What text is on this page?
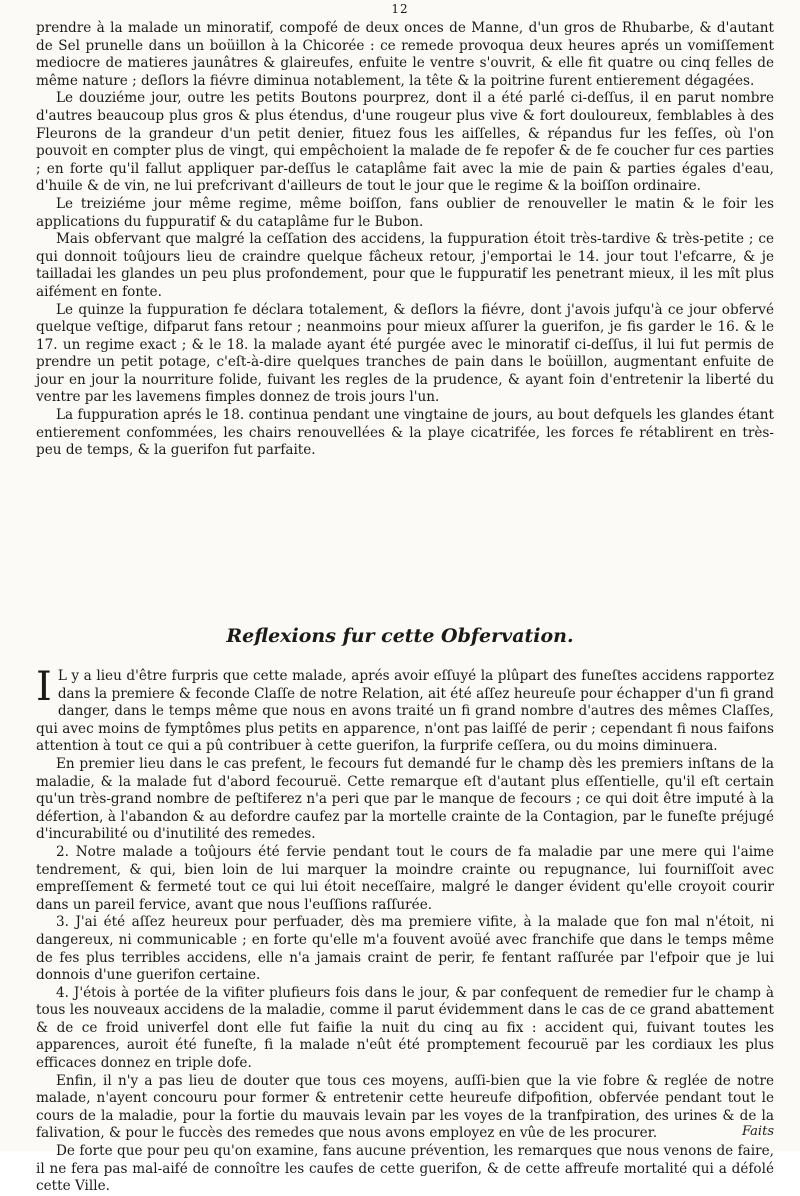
12

prendre à la malade un minoratif, compofé de deux onces de Manne, d'un gros de Rhubarbe, & d'autant de Sel prunelle dans un boüillon à la Chicorée : ce remede provoqua deux heures aprés un vomiſſement mediocre de matieres jaunâtres & glaireufes, enfuite le ventre s'ouvrit, & elle fit quatre ou cinq felles de même nature ; deſlors la fiévre diminua notablement, la tête & la poitrine furent entierement dégagées.

Le douziéme jour, outre les petits Boutons pourprez, dont il a été parlé ci-deſſus, il en parut nombre d'autres beaucoup plus gros & plus étendus, d'une rougeur plus vive & fort douloureux, femblables à des Fleurons de la grandeur d'un petit denier, fituez fous les aiſſelles, & répandus fur les feſſes, où l'on pouvoit en compter plus de vingt, qui empêchoient la malade de fe repofer & de fe coucher fur ces parties ; en forte qu'il fallut appliquer par-deſſus le cataplâme fait avec la mie de pain & parties égales d'eau, d'huile & de vin, ne lui prefcrivant d'ailleurs de tout le jour que le regime & la boiſſon ordinaire.

Le treiziéme jour même regime, même boiſſon, fans oublier de renouveller le matin & le foir les applications du fuppuratif & du cataplâme fur le Bubon.

Mais obfervant que malgré la ceſſation des accidens, la fuppuration étoit très-tardive & très-petite ; ce qui donnoit toûjours lieu de craindre quelque fâcheux retour, j'emportai le 14. jour tout l'efcarre, & je tailladai les glandes un peu plus profondement, pour que le fuppuratif les penetrant mieux, il les mît plus aifément en fonte.

Le quinze la fuppuration fe déclara totalement, & deſlors la fiévre, dont j'avois jufqu'à ce jour obfervé quelque veſtige, difparut fans retour ; neanmoins pour mieux aſſurer la guerifon, je fis garder le 16. & le 17. un regime exact ; & le 18. la malade ayant été purgée avec le minoratif ci-deſſus, il lui fut permis de prendre un petit potage, c'eſt-à-dire quelques tranches de pain dans le boüillon, augmentant enfuite de jour en jour la nourriture folide, fuivant les regles de la prudence, & ayant foin d'entretenir la liberté du ventre par les lavemens fimples donnez de trois jours l'un.

La fuppuration aprés le 18. continua pendant une vingtaine de jours, au bout defquels les glandes étant entierement confommées, les chairs renouvellées & la playe cicatrifée, les forces fe rétablirent en très-peu de temps, & la guerifon fut parfaite.

Reflexions fur cette Obfervation.

I L y a lieu d'être furpris que cette malade, aprés avoir eſſuyé la plûpart des funeſtes accidens rapportez dans la premiere & feconde Claſſe de notre Relation, ait été aſſez heureuſe pour échapper d'un fi grand danger, dans le temps même que nous en avons traité un fi grand nombre d'autres des mêmes Claſſes, qui avec moins de fymptômes plus petits en apparence, n'ont pas laiſſé de perir ; cependant fi nous faifons attention à tout ce qui a pû contribuer à cette guerifon, la furprife ceſſera, ou du moins diminuera.

En premier lieu dans le cas prefent, le fecours fut demandé fur le champ dès les premiers inſtans de la maladie, & la malade fut d'abord fecouruë. Cette remarque eſt d'autant plus eſſentielle, qu'il eſt certain qu'un très-grand nombre de peſtiferez n'a peri que par le manque de fecours ; ce qui doit être imputé à la défertion, à l'abandon & au defordre caufez par la mortelle crainte de la Contagion, par le funeſte préjugé d'incurabilité ou d'inutilité des remedes.

2. Notre malade a toûjours été fervie pendant tout le cours de fa maladie par une mere qui l'aime tendrement, & qui, bien loin de lui marquer la moindre crainte ou repugnance, lui fourniſſoit avec empreſſement & fermeté tout ce qui lui étoit neceſſaire, malgré le danger évident qu'elle croyoit courir dans un pareil fervice, avant que nous l'euſſions raſſurée.

3. J'ai été aſſez heureux pour perfuader, dès ma premiere vifite, à la malade que fon mal n'étoit, ni dangereux, ni communicable ; en forte qu'elle m'a fouvent avoüé avec franchife que dans le temps même de fes plus terribles accidens, elle n'a jamais craint de perir, fe fentant raſſurée par l'efpoir que je lui donnois d'une guerifon certaine.

4. J'étois à portée de la vifiter plufieurs fois dans le jour, & par confequent de remedier fur le champ à tous les nouveaux accidens de la maladie, comme il parut évidemment dans le cas de ce grand abattement & de ce froid univerfel dont elle fut faifie la nuit du cinq au fix : accident qui, fuivant toutes les apparences, auroit été funeſte, fi la malade n'eût été promptement fecouruë par les cordiaux les plus efficaces donnez en triple dofe.

Enfin, il n'y a pas lieu de douter que tous ces moyens, auſſi-bien que la vie fobre & reglée de notre malade, n'ayent concouru pour former & entretenir cette heureufe difpofition, obfervée pendant tout le cours de la maladie, pour la fortie du mauvais levain par les voyes de la tranfpiration, des urines & de la falivation, & pour le fuccès des remedes que nous avons employez en vûe de les procurer.

De forte que pour peu qu'on examine, fans aucune prévention, les remarques que nous venons de faire, il ne fera pas mal-aifé de connoître les caufes de cette guerifon, & de cette affreufe mortalité qui a défolé cette Ville.

Faits
